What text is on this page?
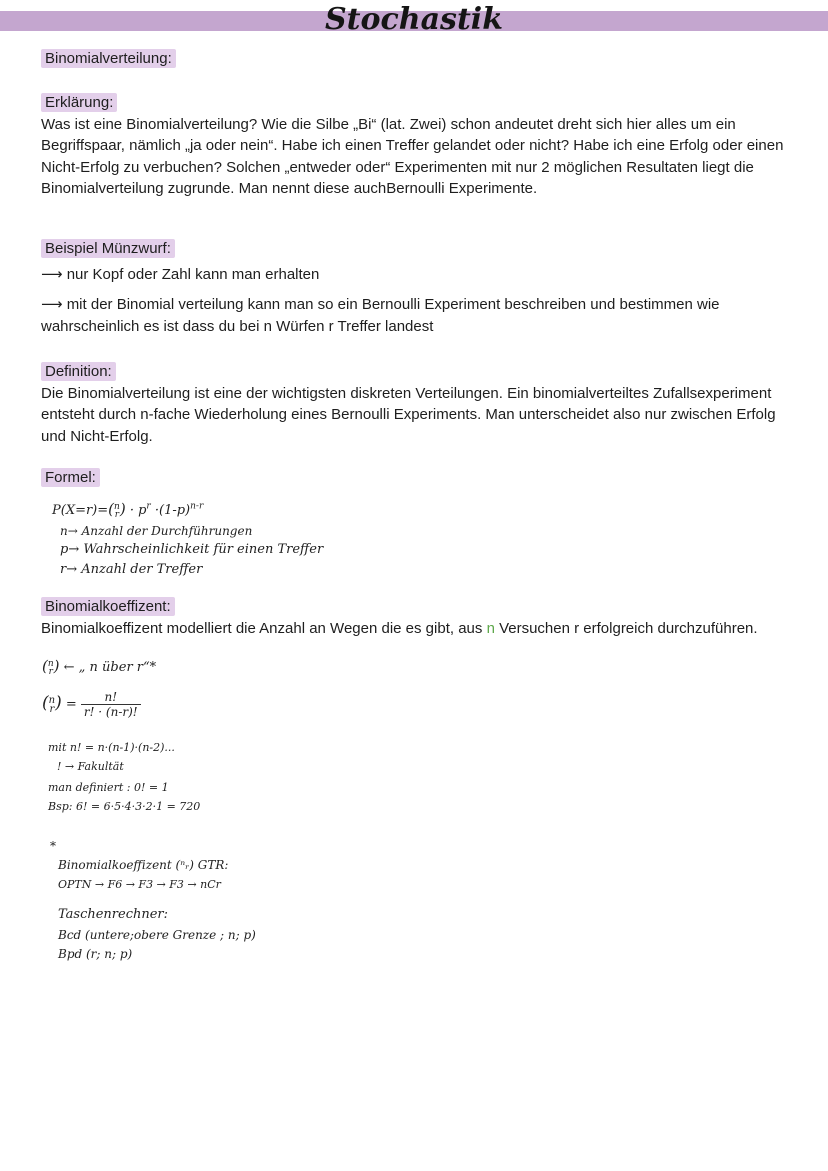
Stochastik
Binomialverteilung:
Erklärung:
Was ist eine Binomialverteilung? Wie die Silbe „Bi“ (lat. Zwei) schon andeutet dreht sich hier alles um ein Begriffspaar, nämlich „ja oder nein“. Habe ich einen Treffer gelandet oder nicht? Habe ich eine Erfolg oder einen Nicht-Erfolg zu verbuchen? Solchen „entweder oder“ Experimenten mit nur 2 möglichen Resultaten liegt die Binomialverteilung zugrunde. Man nennt diese auchBernoulli Experimente.
Beispiel Münzwurf:
⟶ nur Kopf oder Zahl kann man erhalten
⟶ mit der Binomial verteilung kann man so ein Bernoulli Experiment beschreiben und bestimmen wie wahrscheinlich es ist dass du bei n Würfen r Treffer landest
Definition:
Die Binomialverteilung ist eine der wichtigsten diskreten Verteilungen. Ein binomialverteiltes Zufallsexperiment entsteht durch n-fache Wiederholung eines Bernoulli Experiments. Man unterscheidet also nur zwischen Erfolg und Nicht-Erfolg.
Formel:
P(X=r)=( n
r ) · $p^r \cdot(1-p)^{n-r}$
n→ Anzahl der Durchführungen
p→ Wahrscheinlichkeit für einen Treffer
r→ Anzahl der Treffer
Binomialkoeffizent:
Binomialkoeffizent modelliert die Anzahl an Wegen die es gibt, aus n Versuchen r erfolgreich durchzuführen.
( n
r ) ← „ n über r“*
( n
r ) = $\frac{n!}{r! \cdot (n-r)!}$
mit n! = n·(n-1)·(n-2)...
! → Fakultät
man definiert : 0! = 1
Bsp: 6! = 6·5·4·3·2·1 = 720
*
Binomialkoeffizent (ⁿᵣ) GTR:
OPTN → F6 → F3 → F3 → nCr
Taschenrechner:
Bcd (untere;obere Grenze ; n; p)
Bpd (r; n; p)
